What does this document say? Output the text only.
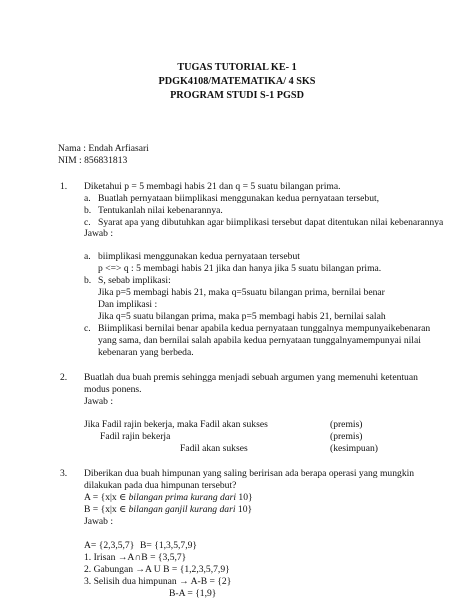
TUGAS TUTORIAL KE- 1
PDGK4108/MATEMATIKA/ 4 SKS
PROGRAM STUDI S-1 PGSD
Nama : Endah Arfiasari
NIM : 856831813
1. Diketahui p = 5 membagi habis 21 dan q = 5 suatu bilangan prima.
a. Buatlah pernyataan biimplikasi menggunakan kedua pernyataan tersebut,
b. Tentukanlah nilai kebenarannya.
c. Syarat apa yang dibutuhkan agar biimplikasi tersebut dapat ditentukan nilai kebenarannya
Jawab :
a. biimplikasi menggunakan kedua pernyataan tersebut
p <=> q : 5 membagi habis 21 jika dan hanya jika 5 suatu bilangan prima.
b. S, sebab implikasi:
Jika p=5 membagi habis 21, maka q=5suatu bilangan prima, bernilai benar
Dan implikasi :
Jika q=5 suatu bilangan prima, maka p=5 membagi habis 21, bernilai salah
c. Biimplikasi bernilai benar apabila kedua pernyataan tunggalnya mempunyaikebenaran
yang sama, dan bernilai salah apabila kedua pernyataan tunggalnyamempunyai nilai
kebenaran yang berbeda.
2. Buatlah dua buah premis sehingga menjadi sebuah argumen yang memenuhi ketentuan
modus ponens.
Jawab :
Jika Fadil rajin bekerja, maka Fadil akan sukses	(premis)
Fadil rajin bekerja	(premis)
Fadil akan sukses	(kesimpuan)
3. Diberikan dua buah himpunan yang saling beririsan ada berapa operasi yang mungkin
dilakukan pada dua himpunan tersebut?
A = {x|x ∈ bilangan prima kurang dari 10}
B = {x|x ∈ bilangan ganjil kurang dari 10}
Jawab :
A= {2,3,5,7} B= {1,3,5,7,9}
1. Irisan →A∩B = {3,5,7}
2. Gabungan →A U B = {1,2,3,5,7,9}
3. Selisih dua himpunan → A-B = {2}
B-A = {1,9}
